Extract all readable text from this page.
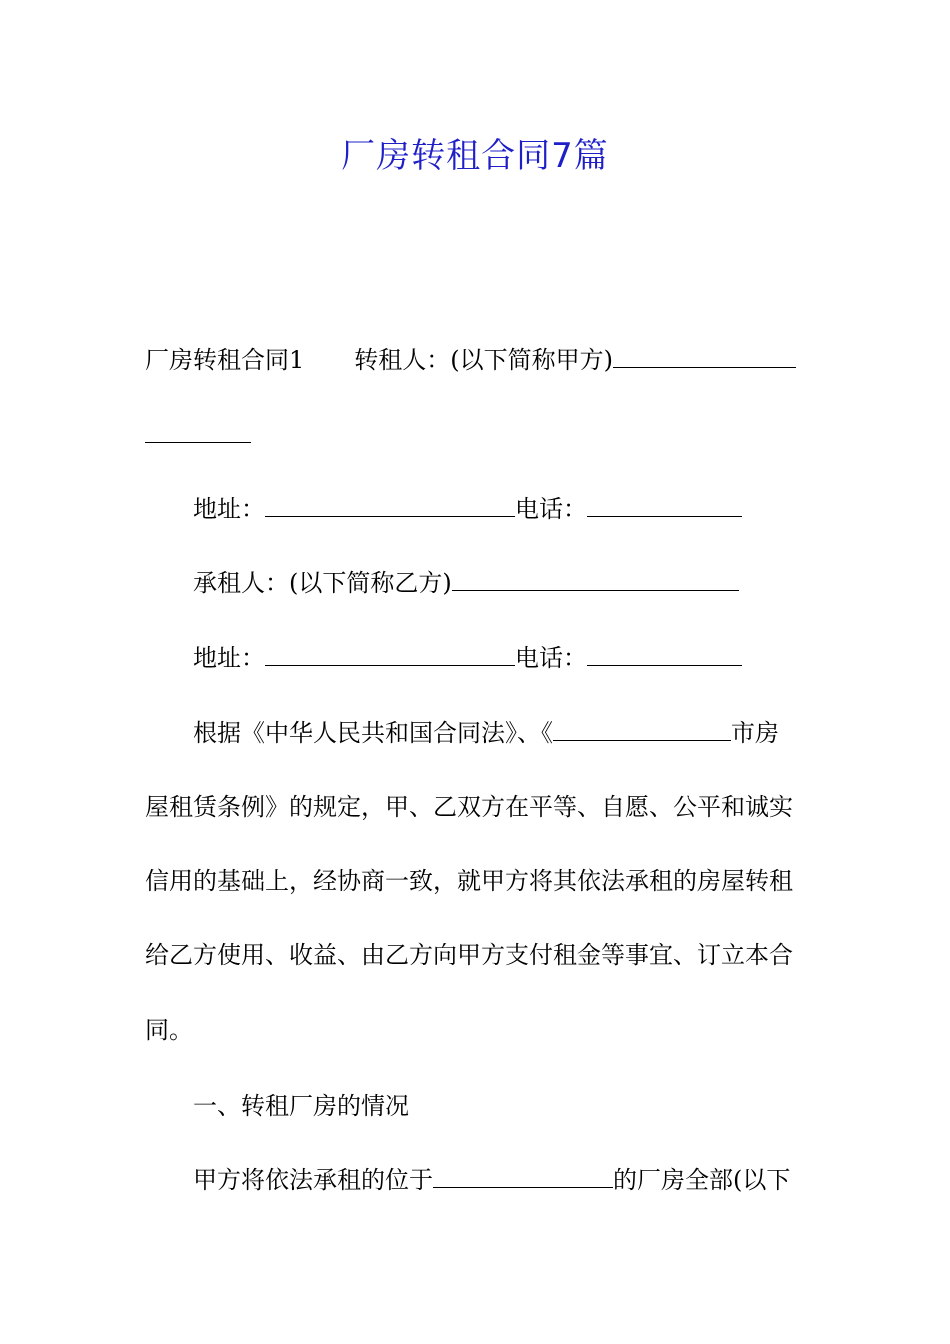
厂房转租合同7篇
厂房转租合同1 转租人：(以下简称甲方)
地址：	电话：
承租人：(以下简称乙方)
地址：	电话：
根据《中华人民共和国合同法》、《	市房
屋租赁条例》的规定，甲、乙双方在平等、自愿、公平和诚实
信用的基础上，经协商一致，就甲方将其依法承租的房屋转租
给乙方使用、收益、由乙方向甲方支付租金等事宜、订立本合
同。
一、转租厂房的情况
甲方将依法承租的位于	的厂房全部(以下
